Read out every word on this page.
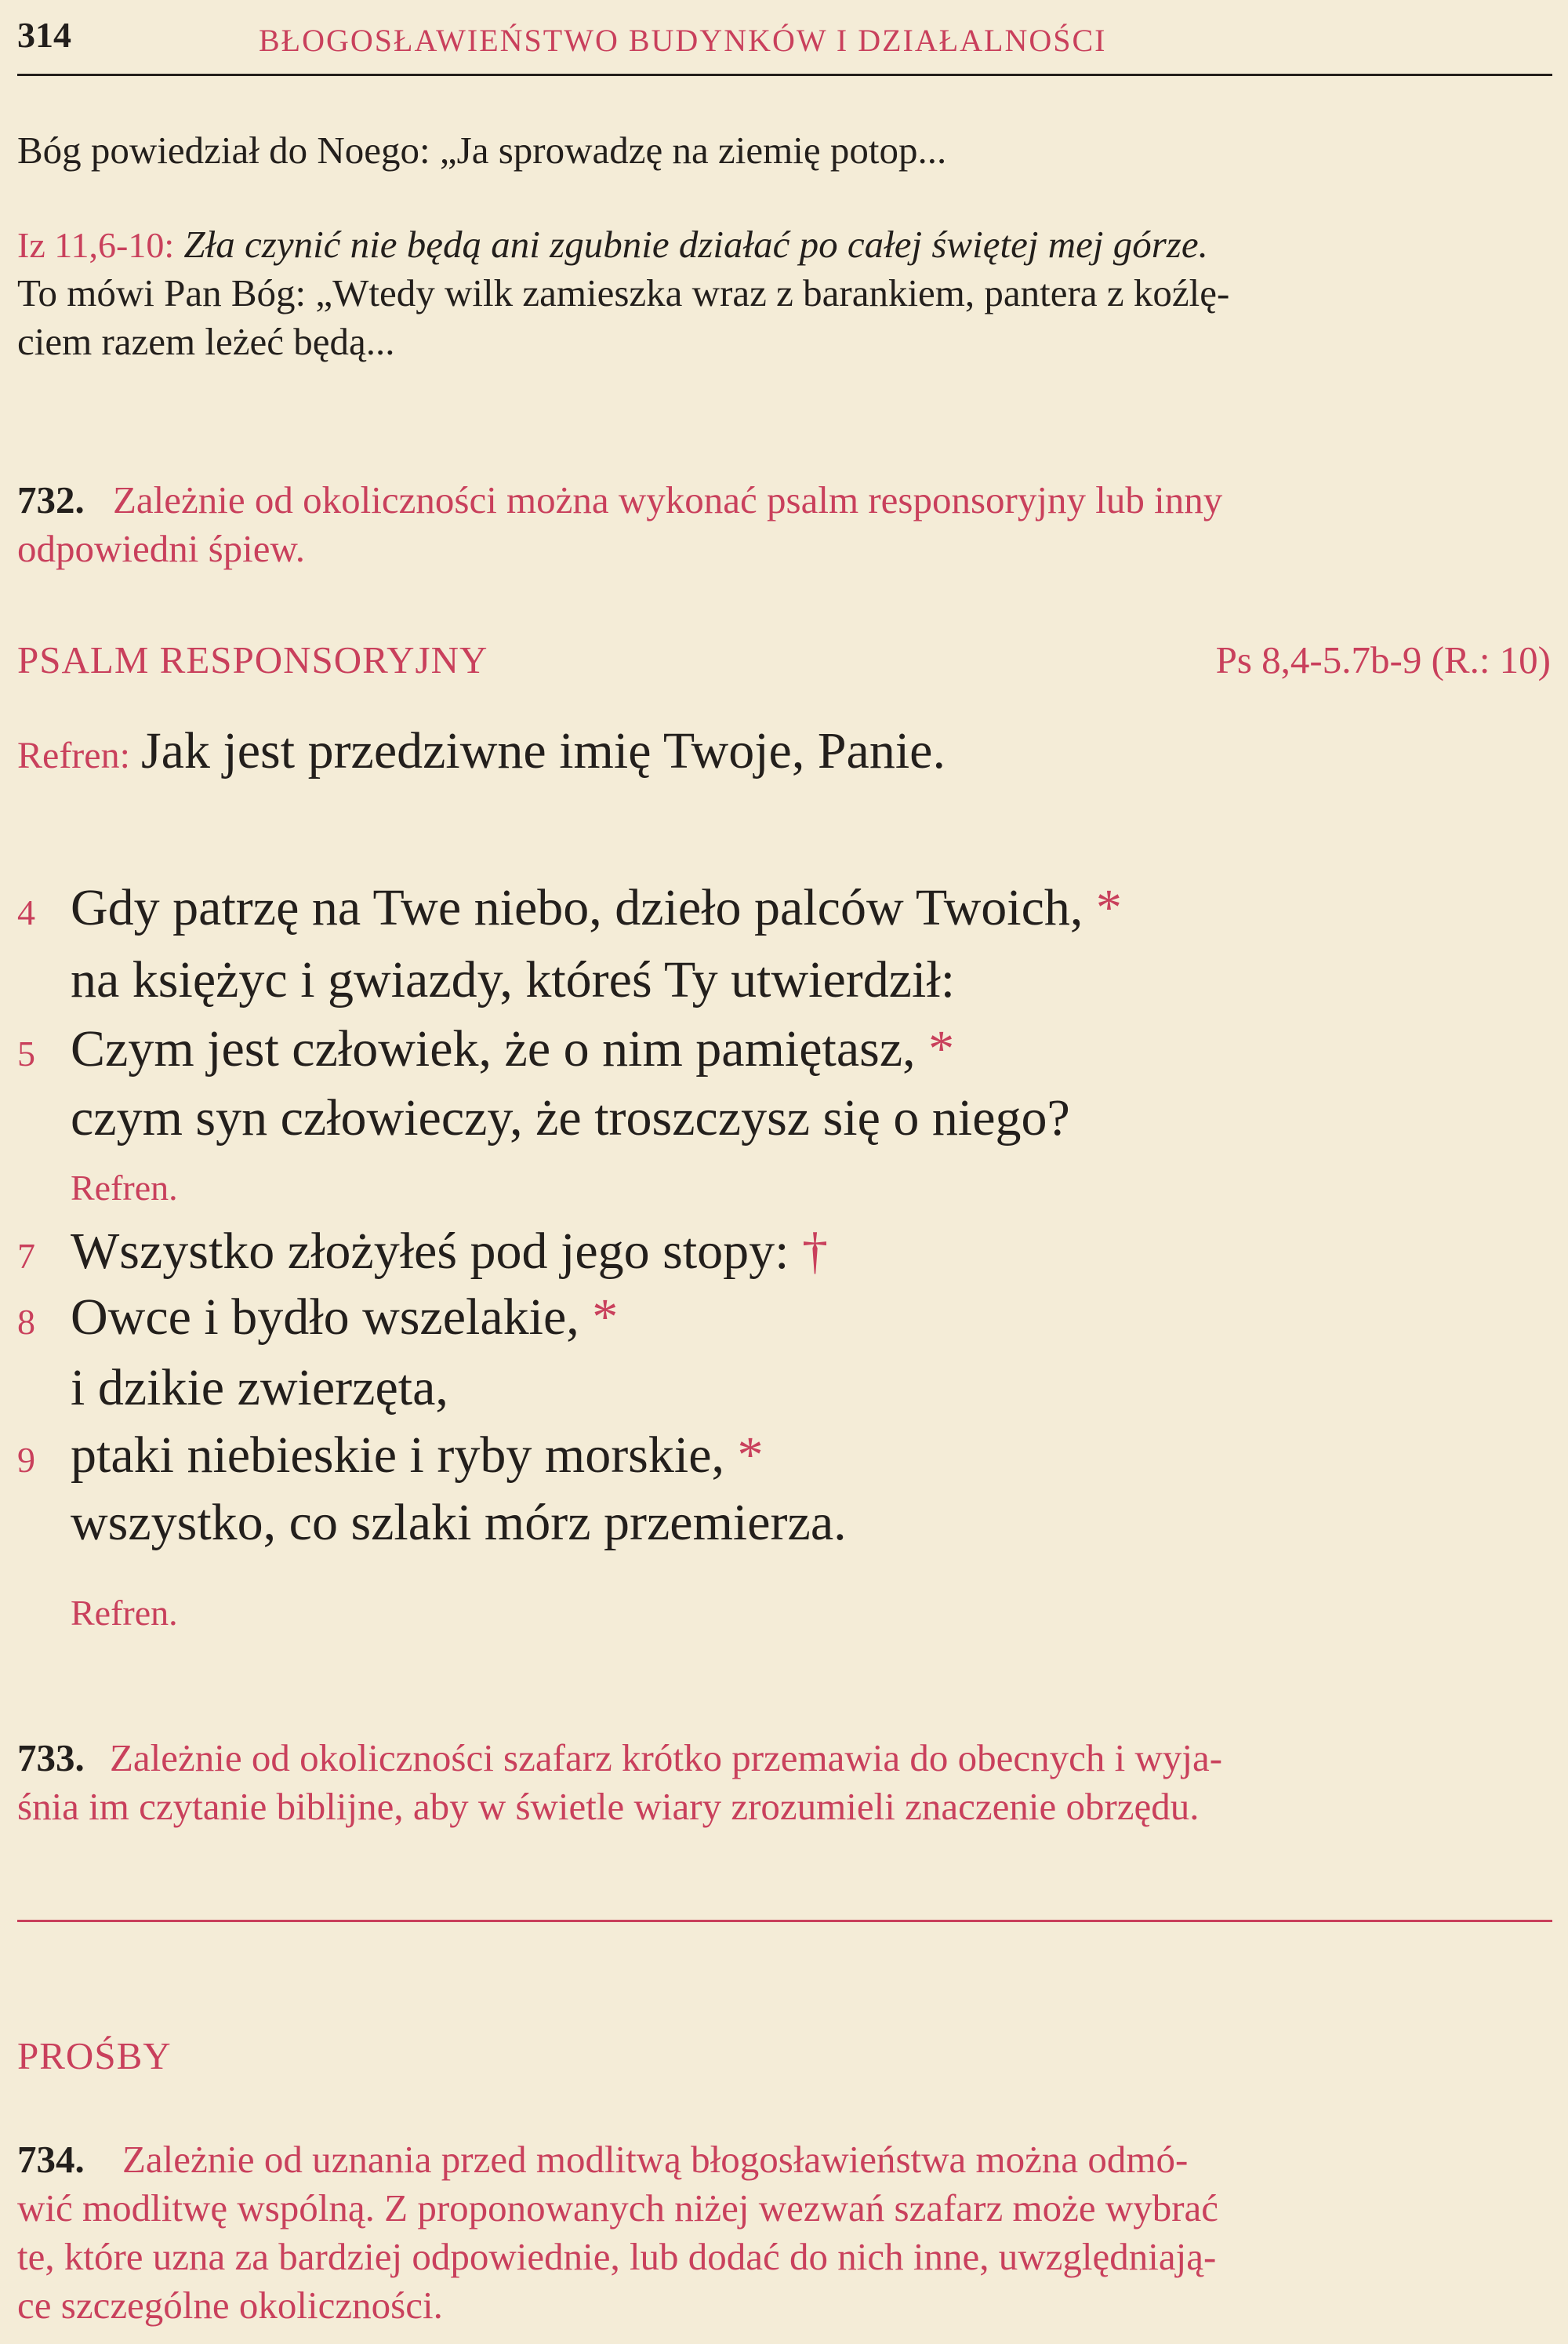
314	BŁOGOSŁAWIEŃSTWO BUDYNKÓW I DZIAŁALNOŚCI
Bóg powiedział do Noego: „Ja sprowadzę na ziemię potop...
Iz 11,6-10: Zła czynić nie będą ani zgubnie działać po całej świętej mej górze.
To mówi Pan Bóg: „Wtedy wilk zamieszka wraz z barankiem, pantera z koźlę-
ciem razem leżeć będą...
732. Zależnie od okoliczności można wykonać psalm responsoryjny lub inny
odpowiedni śpiew.
PSALM RESPONSORYJNY	Ps 8,4-5.7b-9 (R.: 10)
Refren: Jak jest przedziwne imię Twoje, Panie.
4 Gdy patrzę na Twe niebo, dzieło palców Twoich, *
na księżyc i gwiazdy, któreś Ty utwierdził:
5 Czym jest człowiek, że o nim pamiętasz, *
czym syn człowieczy, że troszczysz się o niego?
Refren.
7 Wszystko złożyłeś pod jego stopy: †
8 Owce i bydło wszelakie, *
i dzikie zwierzęta,
9 ptaki niebieskie i ryby morskie, *
wszystko, co szlaki mórz przemierza.
Refren.
733. Zależnie od okoliczności szafarz krótko przemawia do obecnych i wyja-
śnia im czytanie biblijne, aby w świetle wiary zrozumieli znaczenie obrzędu.
PROŚBY
734. Zależnie od uznania przed modlitwą błogosławieństwa można odmó-
wić modlitwę wspólną. Z proponowanych niżej wezwań szafarz może wybrać
te, które uzna za bardziej odpowiednie, lub dodać do nich inne, uwzględniają-
ce szczególne okoliczności.
